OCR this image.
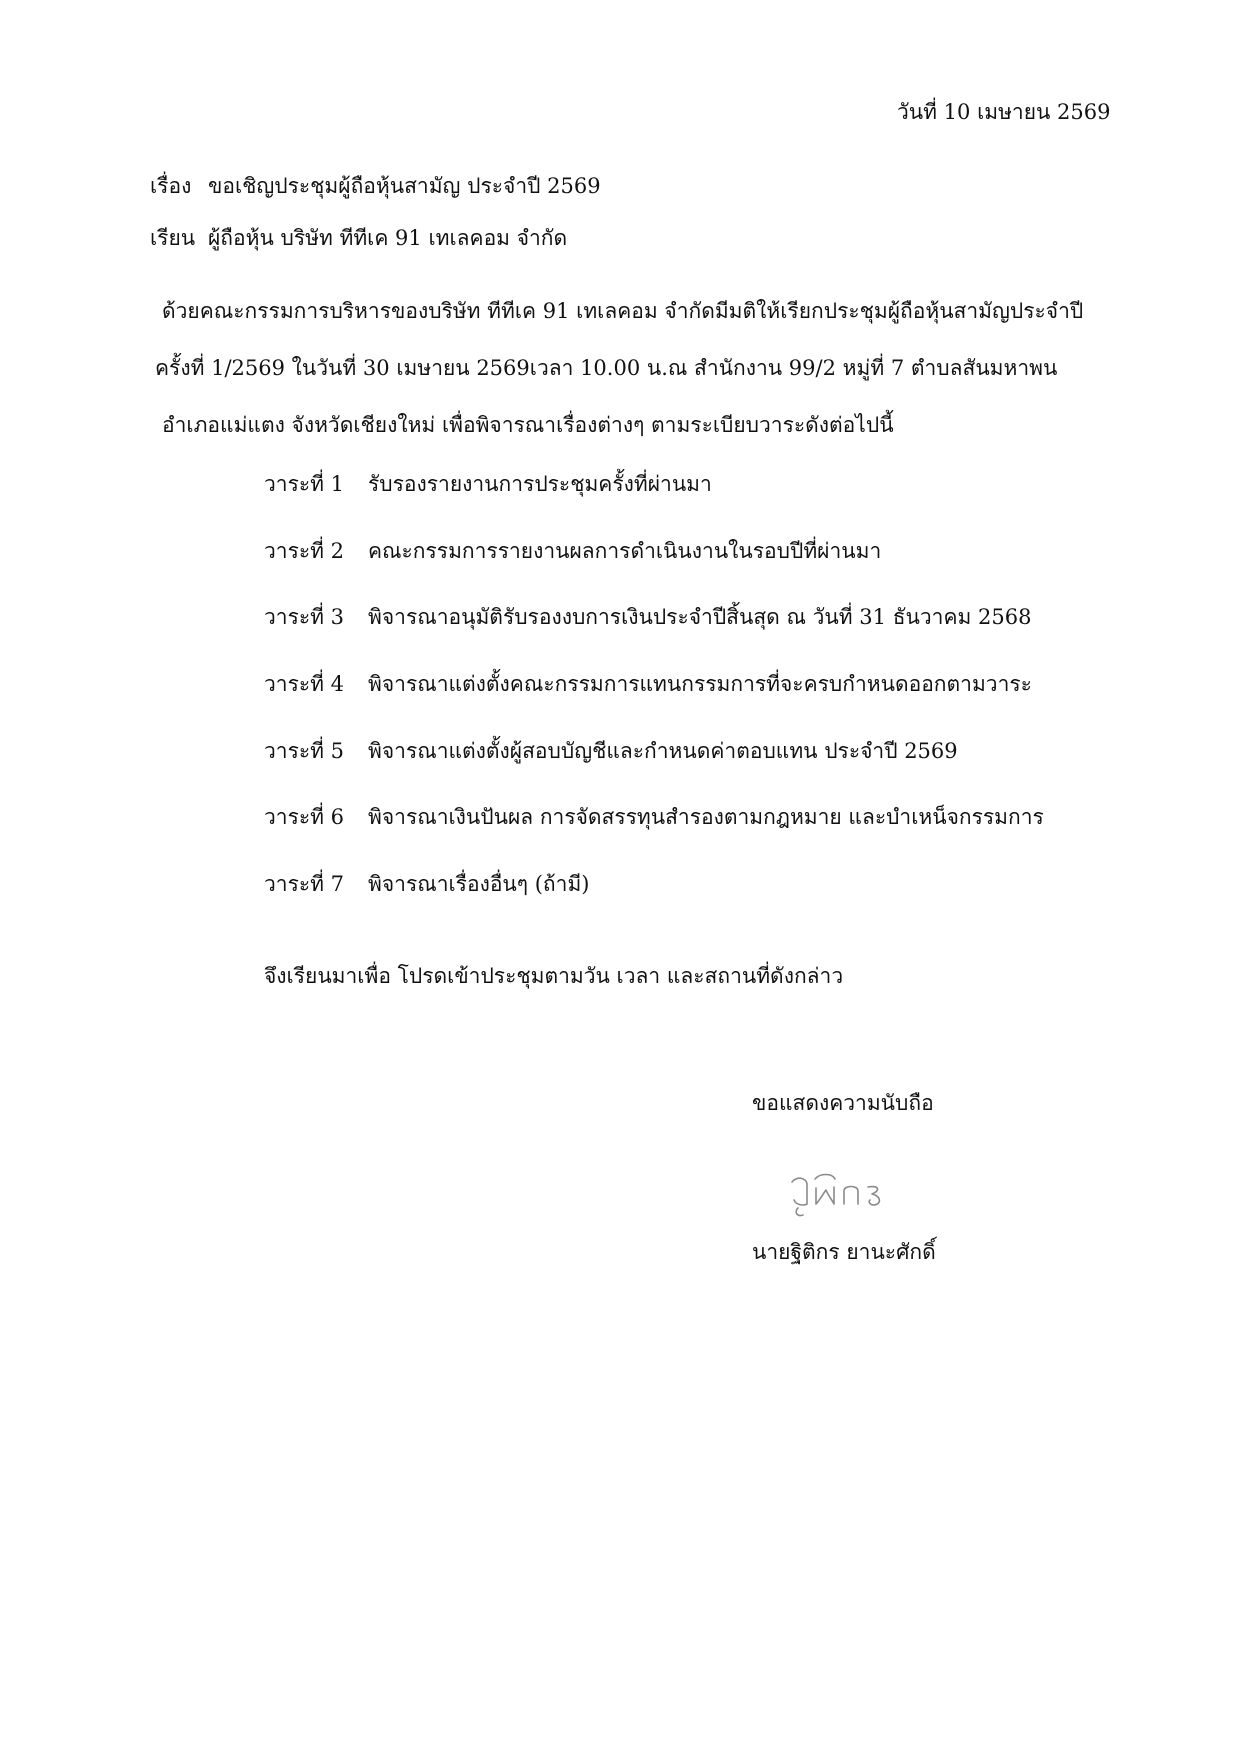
วันที่ 10 เมษายน 2569
เรื่อง ขอเชิญประชุมผู้ถือหุ้นสามัญ ประจำปี 2569
เรียน ผู้ถือหุ้น บริษัท ทีทีเค 91 เทเลคอม จำกัด
ด้วยคณะกรรมการบริหารของบริษัท ทีทีเค 91 เทเลคอม จำกัดมีมติให้เรียกประชุมผู้ถือหุ้นสามัญประจำปี
ครั้งที่ 1/2569 ในวันที่ 30 เมษายน 2569เวลา 10.00 น.ณ สำนักงาน 99/2 หมู่ที่ 7 ตำบลสันมหาพน
อำเภอแม่แตง จังหวัดเชียงใหม่ เพื่อพิจารณาเรื่องต่างๆ ตามระเบียบวาระดังต่อไปนี้
วาระที่ 1 รับรองรายงานการประชุมครั้งที่ผ่านมา
วาระที่ 2 คณะกรรมการรายงานผลการดำเนินงานในรอบปีที่ผ่านมา
วาระที่ 3 พิจารณาอนุมัติรับรองงบการเงินประจำปีสิ้นสุด ณ วันที่ 31 ธันวาคม 2568
วาระที่ 4 พิจารณาแต่งตั้งคณะกรรมการแทนกรรมการที่จะครบกำหนดออกตามวาระ
วาระที่ 5 พิจารณาแต่งตั้งผู้สอบบัญชีและกำหนดค่าตอบแทน ประจำปี 2569
วาระที่ 6 พิจารณาเงินปันผล การจัดสรรทุนสำรองตามกฎหมาย และบำเหน็จกรรมการ
วาระที่ 7 พิจารณาเรื่องอื่นๆ (ถ้ามี)
จึงเรียนมาเพื่อ โปรดเข้าประชุมตามวัน เวลา และสถานที่ดังกล่าว
ขอแสดงความนับถือ
นายฐิติกร ยานะศักดิ์
